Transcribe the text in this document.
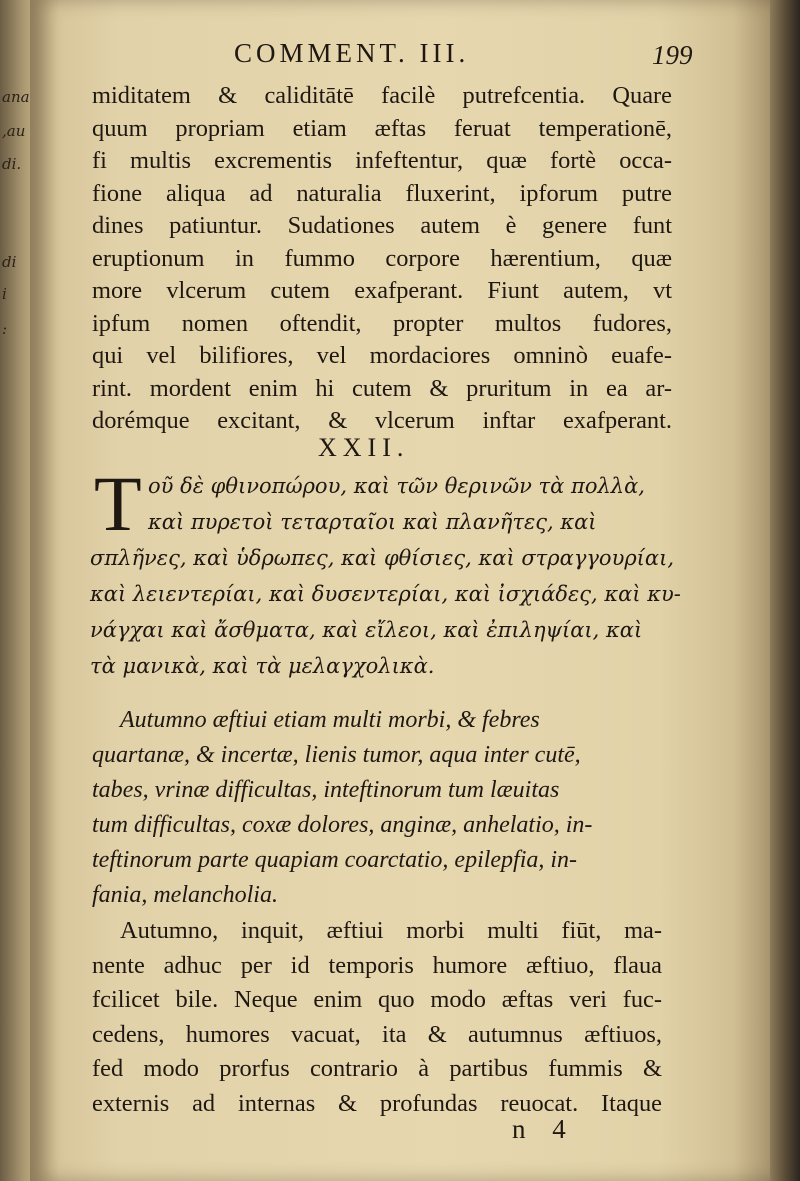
ana
,au
di.
di
i
:
COMMENT. III.	199
miditatem & caliditātē facilè putrefcentia. Quare
quum propriam etiam æftas feruat temperationē,
fi multis excrementis infeftentur, quæ fortè occa-
fione aliqua ad naturalia fluxerint, ipforum putre
dines patiuntur. Sudationes autem è genere funt
eruptionum in fummo corpore hærentium, quæ
more vlcerum cutem exafperant. Fiunt autem, vt
ipfum nomen oftendit, propter multos fudores,
qui vel bilifiores, vel mordaciores omninò euafe-
rint. mordent enim hi cutem & pruritum in ea ar-
dorémque excitant, & vlcerum inftar exafperant.
XXII.
T οῦ δὲ φθινοπώρου, καὶ τῶν θερινῶν τὰ πολλὰ,
καὶ πυρετοὶ τεταρταῖοι καὶ πλανῆτες, καὶ
σπλῆνες, καὶ ὑδρωπες, καὶ φθίσιες, καὶ στραγγουρίαι,
καὶ λειεντερίαι, καὶ δυσεντερίαι, καὶ ἰσχιάδες, καὶ κυ-
νάγχαι καὶ ἄσθματα, καὶ εἴλεοι, καὶ ἐπιληψίαι, καὶ
τὰ μανικὰ, καὶ τὰ μελαγχολικὰ.
Autumno æftiui etiam multi morbi, & febres
quartanæ, & incertæ, lienis tumor, aqua inter cutē,
tabes, vrinæ difficultas, inteftinorum tum læuitas
tum difficultas, coxæ dolores, anginæ, anhelatio, in-
teftinorum parte quapiam coarctatio, epilepfia, in-
fania, melancholia.
Autumno, inquit, æftiui morbi multi fiūt, ma-
nente adhuc per id temporis humore æftiuo, flaua
fcilicet bile. Neque enim quo modo æftas veri fuc-
cedens, humores vacuat, ita & autumnus æftiuos,
fed modo prorfus contrario à partibus fummis &
externis ad internas & profundas reuocat. Itaque
n 4
